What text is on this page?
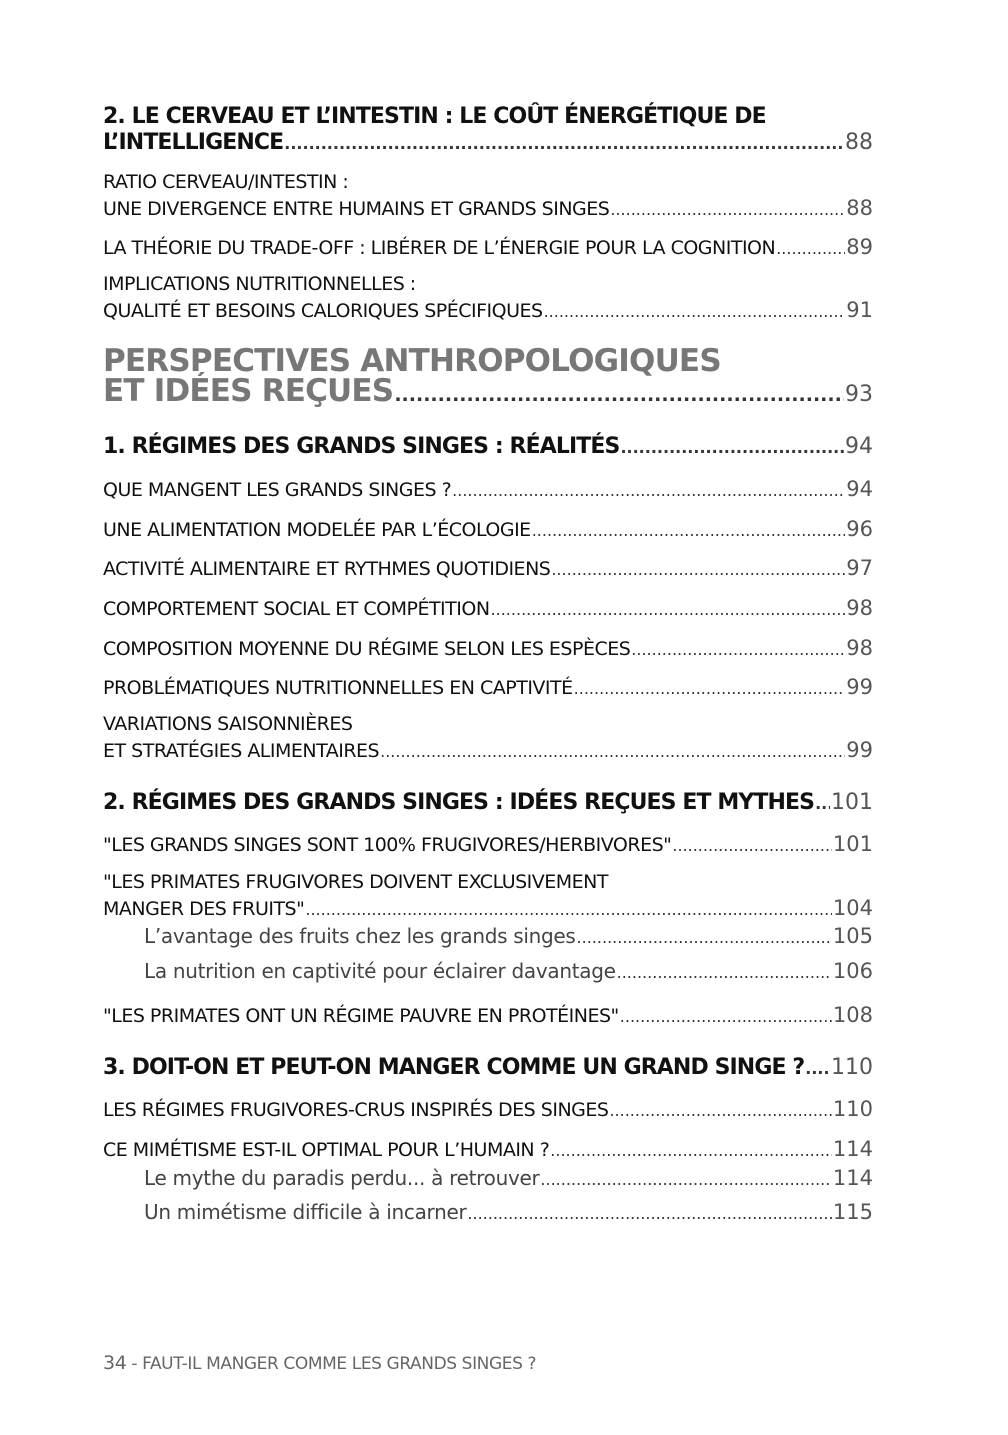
2. LE CERVEAU ET L’INTESTIN : LE COÛT ÉNERGÉTIQUE DE
L’INTELLIGENCE .....	88
RATIO CERVEAU/INTESTIN :
UNE DIVERGENCE ENTRE HUMAINS ET GRANDS SINGES .....	88
LA THÉORIE DU TRADE-OFF : LIBÉRER DE L’ÉNERGIE POUR LA COGNITION .....	89
IMPLICATIONS NUTRITIONNELLES :
QUALITÉ ET BESOINS CALORIQUES SPÉCIFIQUES .....	91
PERSPECTIVES ANTHROPOLOGIQUES
ET IDÉES REÇUES .....	93
1. RÉGIMES DES GRANDS SINGES : RÉALITÉS .....	94
QUE MANGENT LES GRANDS SINGES ? .....	94
UNE ALIMENTATION MODELÉE PAR L’ÉCOLOGIE .....	96
ACTIVITÉ ALIMENTAIRE ET RYTHMES QUOTIDIENS .....	97
COMPORTEMENT SOCIAL ET COMPÉTITION .....	98
COMPOSITION MOYENNE DU RÉGIME SELON LES ESPÈCES .....	98
PROBLÉMATIQUES NUTRITIONNELLES EN CAPTIVITÉ .....	99
VARIATIONS SAISONNIÈRES
ET STRATÉGIES ALIMENTAIRES .....	99
2. RÉGIMES DES GRANDS SINGES : IDÉES REÇUES ET MYTHES ..... 101
"LES GRANDS SINGES SONT 100% FRUGIVORES/HERBIVORES" .....	101
"LES PRIMATES FRUGIVORES DOIVENT EXCLUSIVEMENT
MANGER DES FRUITS" .....	104
L’avantage des fruits chez les grands singes .....	105
La nutrition en captivité pour éclairer davantage .....	106
"LES PRIMATES ONT UN RÉGIME PAUVRE EN PROTÉINES" .....	108
3. DOIT-ON ET PEUT-ON MANGER COMME UN GRAND SINGE ? ..... 110
LES RÉGIMES FRUGIVORES-CRUS INSPIRÉS DES SINGES .....	110
CE MIMÉTISME EST-IL OPTIMAL POUR L’HUMAIN ? .....	114
Le mythe du paradis perdu... à retrouver .....	114
Un mimétisme difficile à incarner .....	115
34 - FAUT-IL MANGER COMME LES GRANDS SINGES ?
